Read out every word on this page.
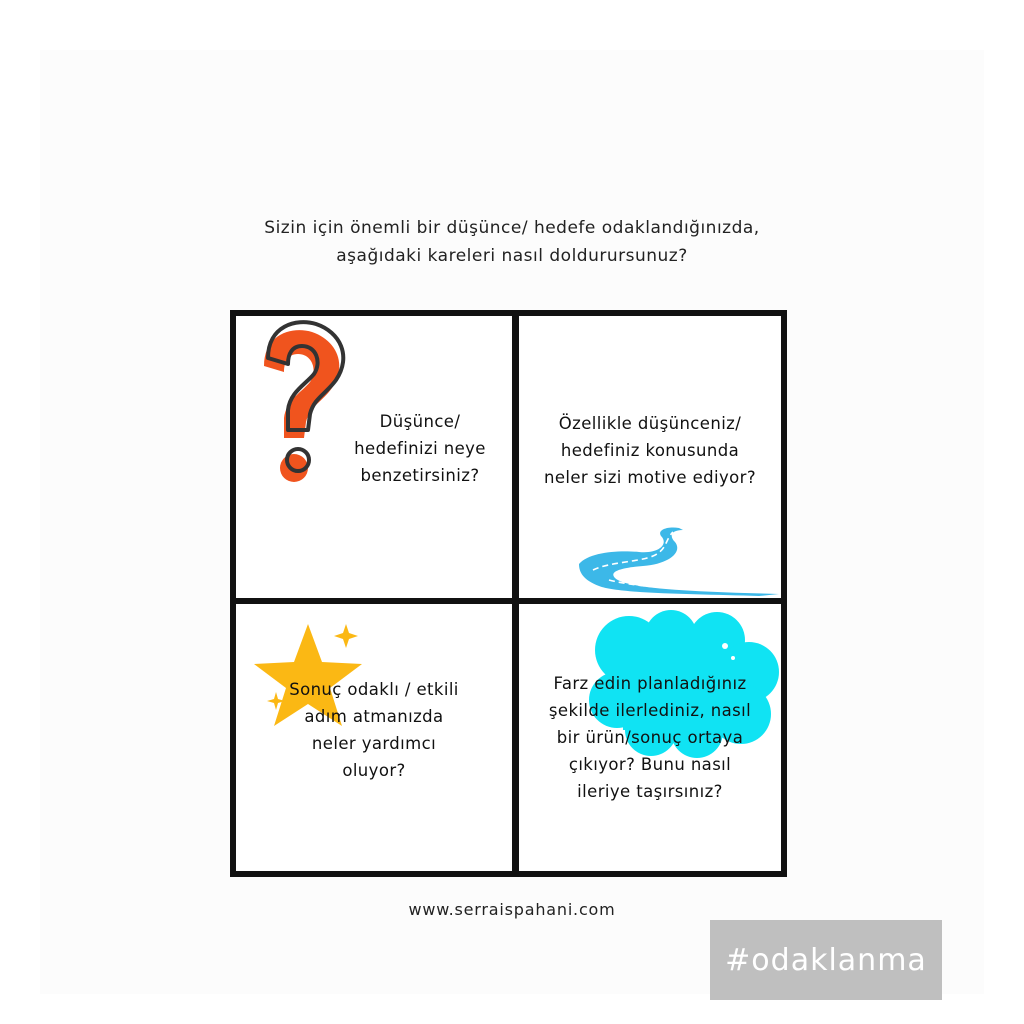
Sizin için önemli bir düşünce/ hedefe odaklandığınızda,
aşağıdaki kareleri nasıl doldurursunuz?
Düşünce/
hedefinizi neye
benzetirsiniz?
Özellikle düşünceniz/
hedefiniz konusunda
neler sizi motive ediyor?
Sonuç odaklı / etkili
adım atmanızda
neler yardımcı
oluyor?
Farz edin planladığınız
şekilde ilerlediniz, nasıl
bir ürün/sonuç ortaya
çıkıyor? Bunu nasıl
ileriye taşırsınız?
www.serraispahani.com
#odaklanma
